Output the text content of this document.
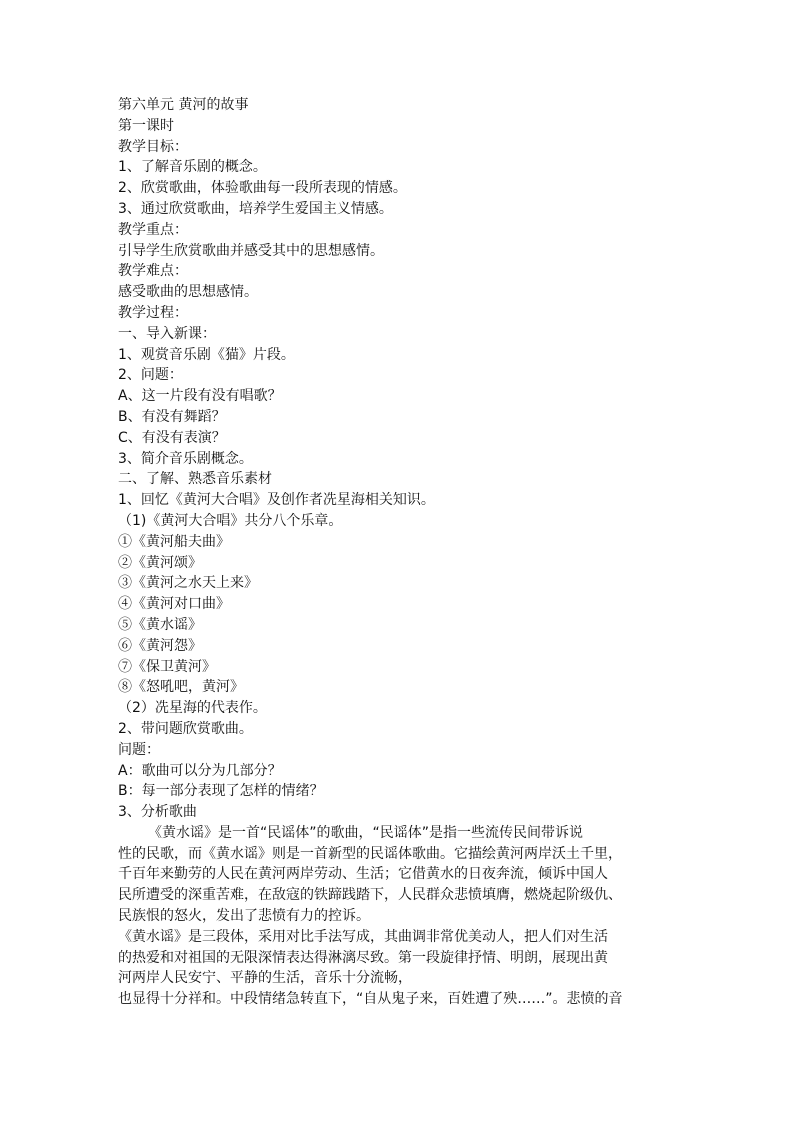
第六单元 黄河的故事
第一课时
教学目标：
1、了解音乐剧的概念。
2、欣赏歌曲，体验歌曲每一段所表现的情感。
3、通过欣赏歌曲，培养学生爱国主义情感。
教学重点：
引导学生欣赏歌曲并感受其中的思想感情。
教学难点：
感受歌曲的思想感情。
教学过程：
一、导入新课：
1、观赏音乐剧《猫》片段。
2、问题：
A、这一片段有没有唱歌？
B、有没有舞蹈？
C、有没有表演？
3、简介音乐剧概念。
二、了解、熟悉音乐素材
1、回忆《黄河大合唱》及创作者冼星海相关知识。
（1)《黄河大合唱》共分八个乐章。
①《黄河船夫曲》
②《黄河颂》
③《黄河之水天上来》
④《黄河对口曲》
⑤《黄水谣》
⑥《黄河怨》
⑦《保卫黄河》
⑧《怒吼吧，黄河》
（2）冼星海的代表作。
2、带问题欣赏歌曲。
问题：
A：歌曲可以分为几部分？
B：每一部分表现了怎样的情绪？
3、分析歌曲
《黄水谣》是一首“民谣体”的歌曲，“民谣体”是指一些流传民间带诉说
性的民歌，而《黄水谣》则是一首新型的民谣体歌曲。它描绘黄河两岸沃土千里，
千百年来勤劳的人民在黄河两岸劳动、生活；它借黄水的日夜奔流，倾诉中国人
民所遭受的深重苦难，在敌寇的铁蹄践踏下，人民群众悲愤填膺，燃烧起阶级仇、
民族恨的怒火，发出了悲愤有力的控诉。
《黄水谣》是三段体，采用对比手法写成，其曲调非常优美动人，把人们对生活
的热爱和对祖国的无限深情表达得淋漓尽致。第一段旋律抒情、明朗，展现出黄
河两岸人民安宁、平静的生活，音乐十分流畅，
也显得十分祥和。中段情绪急转直下，“自从鬼子来，百姓遭了殃……”。悲愤的音
